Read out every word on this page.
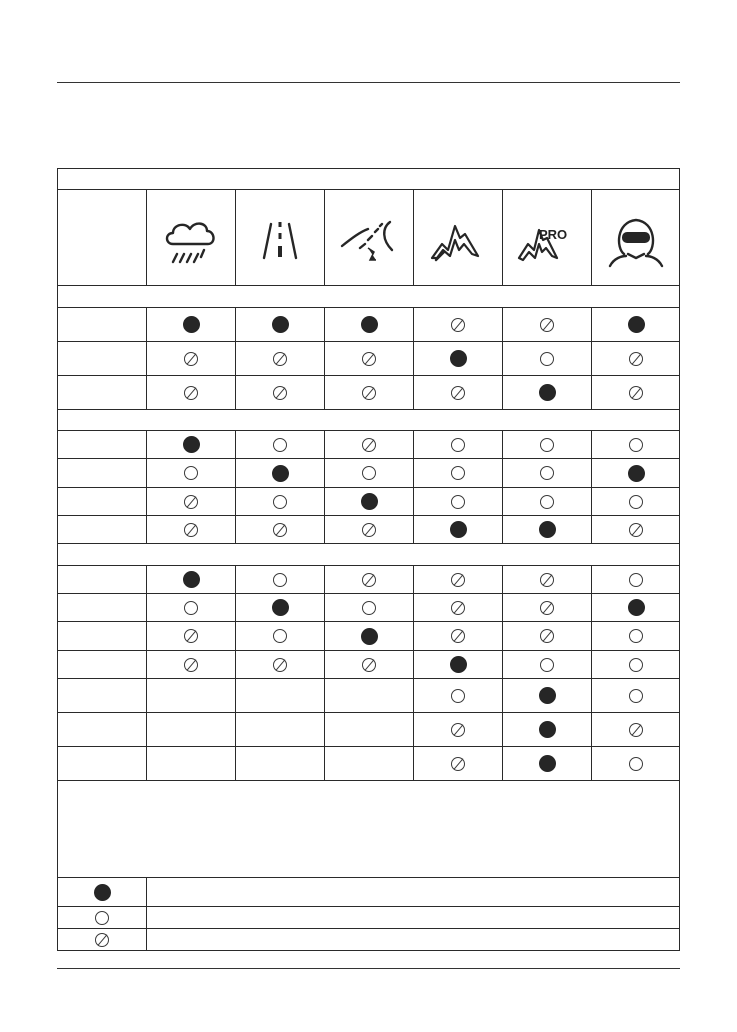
PRO
